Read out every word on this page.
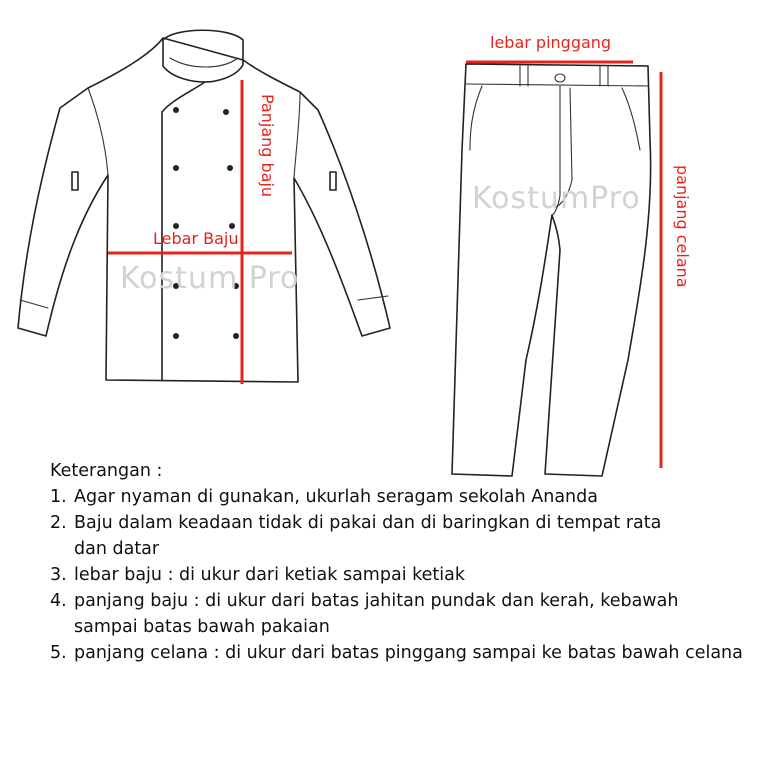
Kostum Pro
Lebar Baju
Panjang baju
KostumPro
lebar pinggang
panjang celana
Keterangan :
1. Agar nyaman di gunakan, ukurlah seragam sekolah Ananda
2. Baju dalam keadaan tidak di pakai dan di baringkan di tempat rata dan datar
3. lebar baju : di ukur dari ketiak sampai ketiak
4. panjang baju : di ukur dari batas jahitan pundak dan kerah, kebawah sampai batas bawah pakaian
5. panjang celana : di ukur dari batas pinggang sampai ke batas bawah celana
